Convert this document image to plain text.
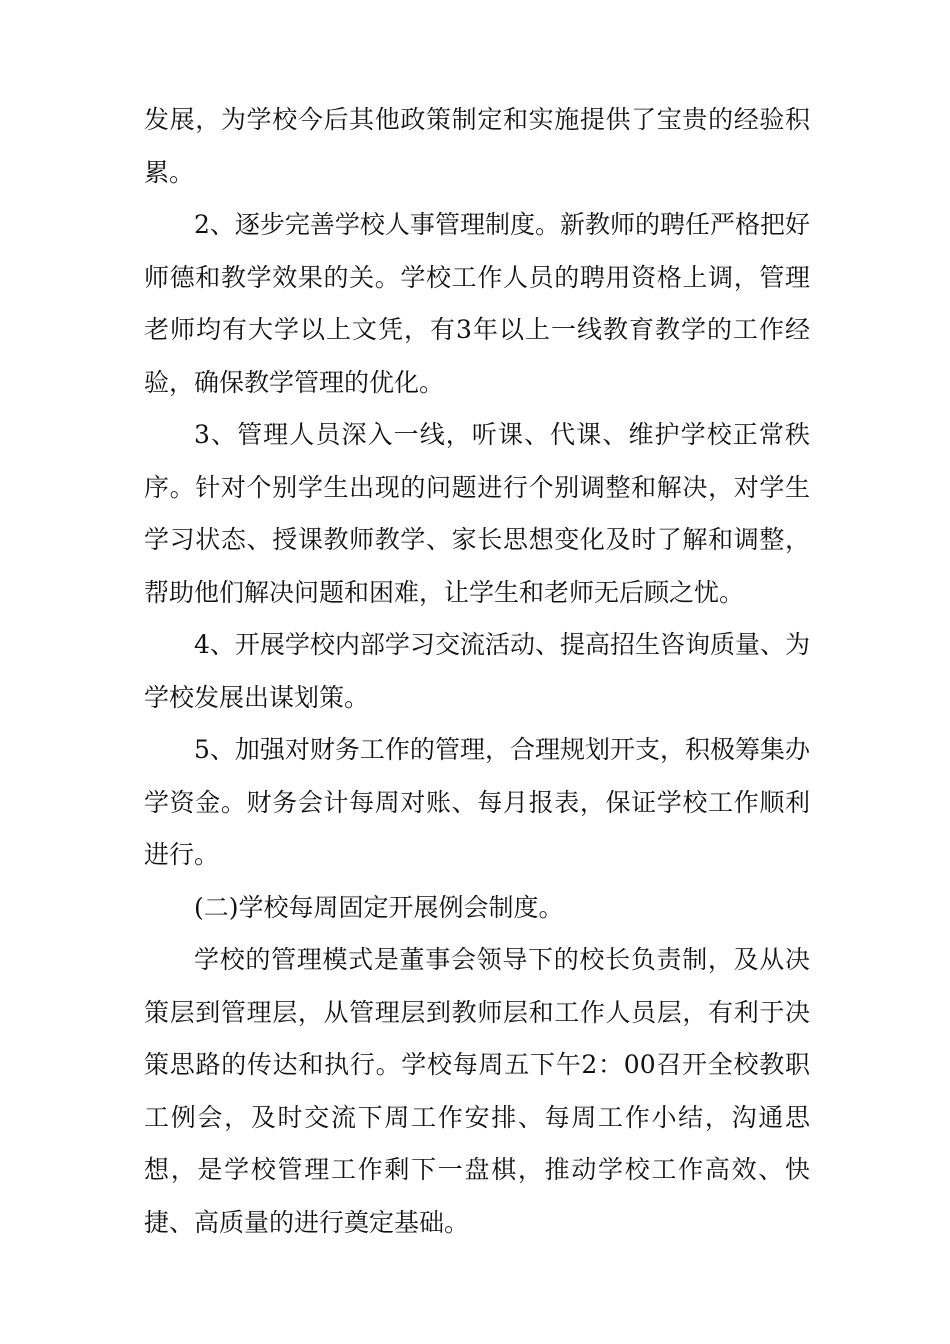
发展，为学校今后其他政策制定和实施提供了宝贵的经验积累。

2、逐步完善学校人事管理制度。新教师的聘任严格把好师德和教学效果的关。学校工作人员的聘用资格上调，管理老师均有大学以上文凭，有3年以上一线教育教学的工作经验，确保教学管理的优化。

3、管理人员深入一线，听课、代课、维护学校正常秩序。针对个别学生出现的问题进行个别调整和解决，对学生学习状态、授课教师教学、家长思想变化及时了解和调整，帮助他们解决问题和困难，让学生和老师无后顾之忧。

4、开展学校内部学习交流活动、提高招生咨询质量、为学校发展出谋划策。

5、加强对财务工作的管理，合理规划开支，积极筹集办学资金。财务会计每周对账、每月报表，保证学校工作顺利进行。

(二)学校每周固定开展例会制度。

学校的管理模式是董事会领导下的校长负责制，及从决策层到管理层，从管理层到教师层和工作人员层，有利于决策思路的传达和执行。学校每周五下午2：00召开全校教职工例会，及时交流下周工作安排、每周工作小结，沟通思想，是学校管理工作剩下一盘棋，推动学校工作高效、快捷、高质量的进行奠定基础。
